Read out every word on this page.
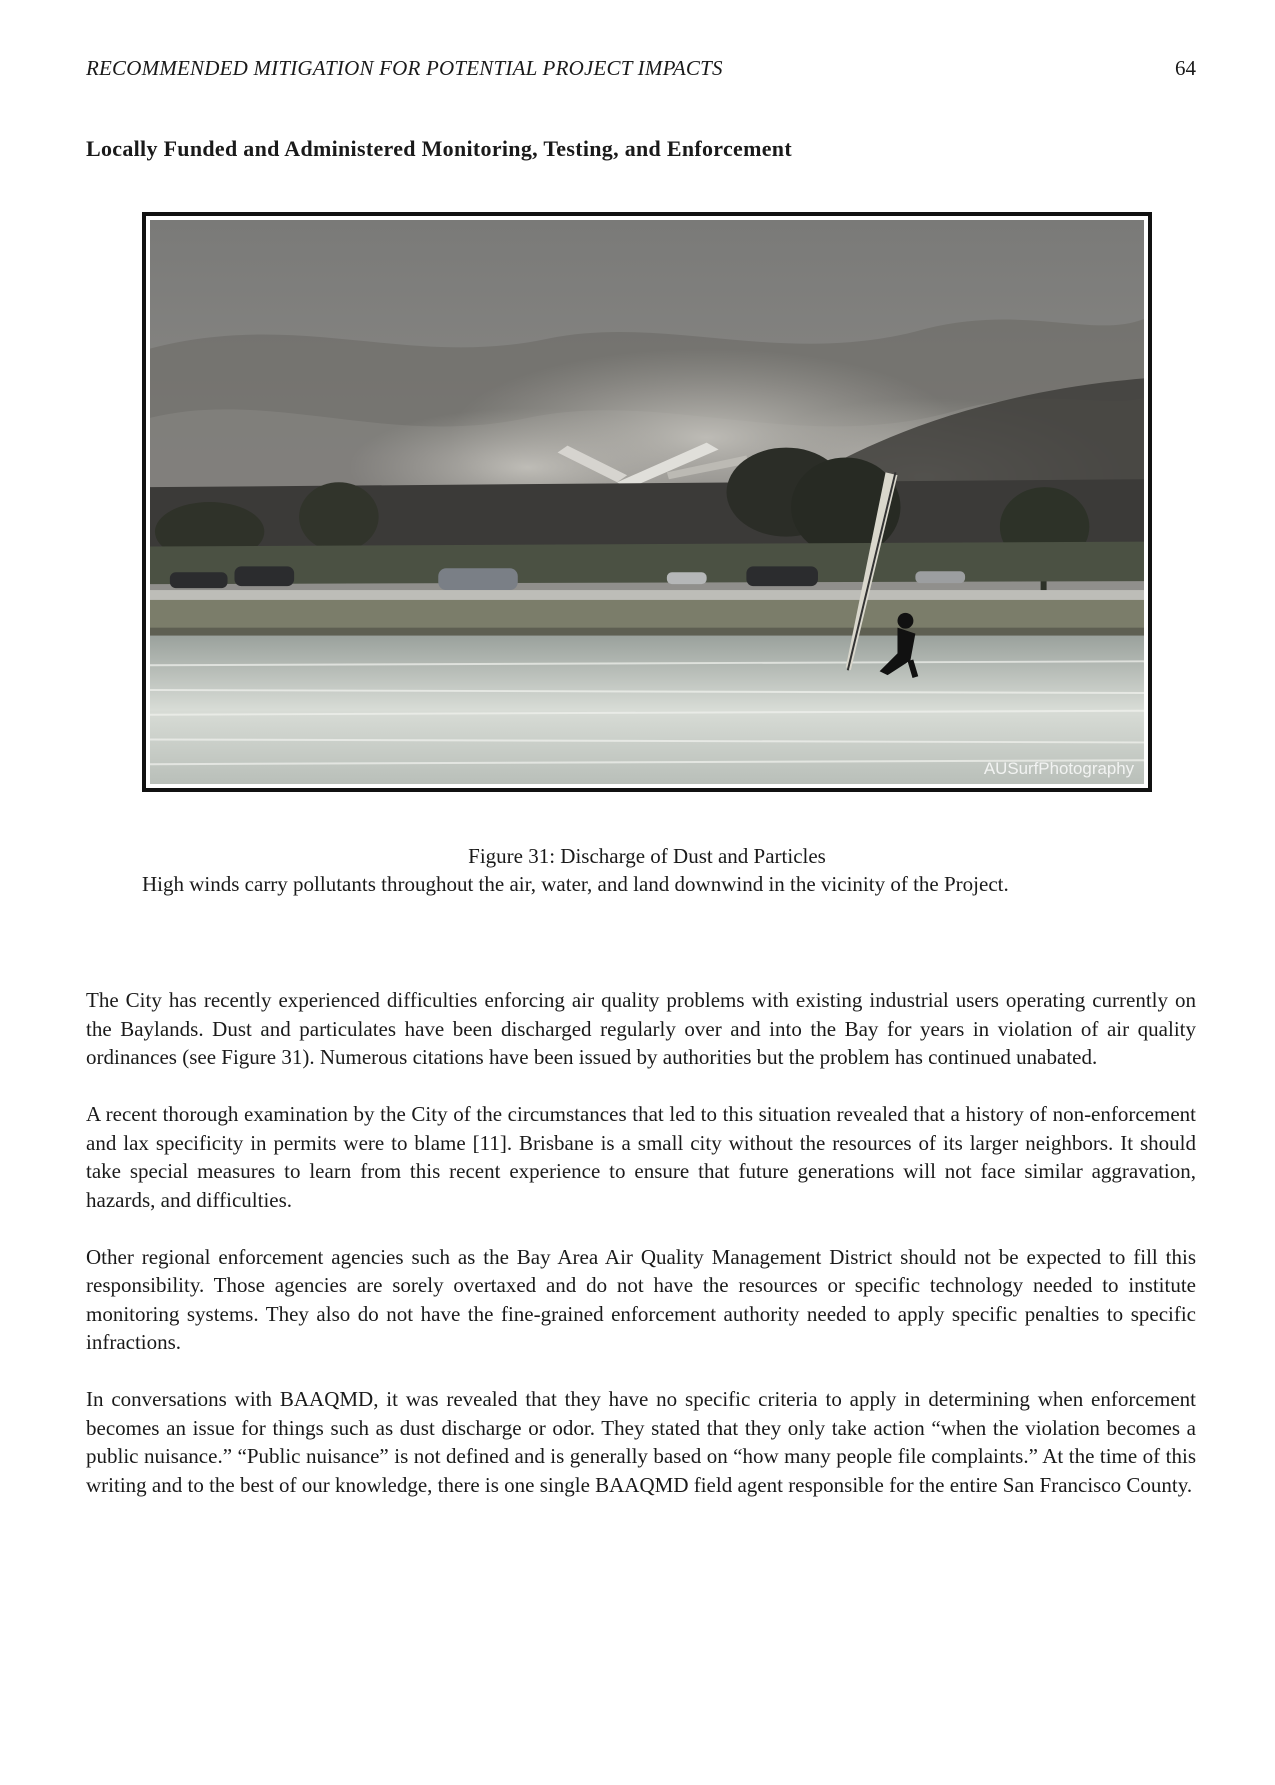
RECOMMENDED MITIGATION FOR POTENTIAL PROJECT IMPACTS	64
Locally Funded and Administered Monitoring, Testing, and Enforcement
AUSurfPhotography
Figure 31: Discharge of Dust and Particles
High winds carry pollutants throughout the air, water, and land downwind in the vicinity of the Project.

The City has recently experienced difficulties enforcing air quality problems with existing industrial users operating currently on the Baylands. Dust and particulates have been discharged regularly over and into the Bay for years in violation of air quality ordinances (see Figure 31). Numerous citations have been issued by authorities but the problem has continued unabated.

A recent thorough examination by the City of the circumstances that led to this situation revealed that a history of non-enforcement and lax specificity in permits were to blame [11]. Brisbane is a small city without the resources of its larger neighbors. It should take special measures to learn from this recent experience to ensure that future generations will not face similar aggravation, hazards, and difficulties.

Other regional enforcement agencies such as the Bay Area Air Quality Management District should not be expected to fill this responsibility. Those agencies are sorely overtaxed and do not have the resources or specific technology needed to institute monitoring systems. They also do not have the fine-grained enforcement authority needed to apply specific penalties to specific infractions.

In conversations with BAAQMD, it was revealed that they have no specific criteria to apply in determining when enforcement becomes an issue for things such as dust discharge or odor. They stated that they only take action “when the violation becomes a public nuisance.” “Public nuisance” is not defined and is generally based on “how many people file complaints.” At the time of this writing and to the best of our knowledge, there is one single BAAQMD field agent responsible for the entire San Francisco County.
